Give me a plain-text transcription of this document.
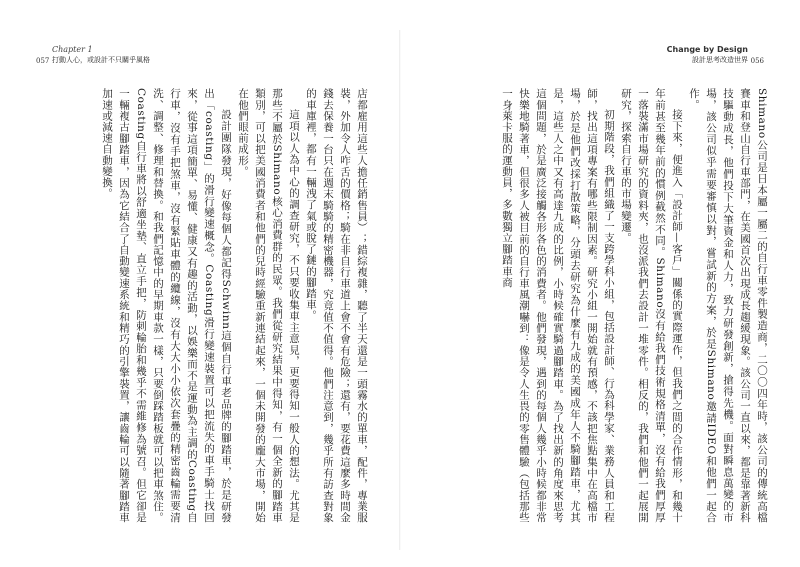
057
Chapter 1
打動人心，或設計不只關乎風格	056
Change by Design
設計思考改造世界

Shimano公司是日本屬一屬二的自行車零件製造商，二〇〇四年時，該公司的傳統高檔賽車和登山自行車部門，在美國首次出現成長趨緩現象。該公司一直以來，都是靠著新科技驅動成長，他們投下大筆資金和人力，致力研發創新，搶得先機。面對瞬息萬變的市場，該公司似乎需要審慎以對，嘗試新的方案，於是Shimano邀請IDEO和他們一起合作。

接下來，便進入「設計師—客戶」關係的實際運作，但我們之間的合作情形，和幾十年前甚至幾年前的慣例截然不同。Shimano沒有給我們技術規格清單，沒有給我們厚厚一落裝滿市場研究的資料夾，也沒派我們去設計一堆零件。相反的，我們和他們一起展開研究，探索自行車的市場變遷。

初期階段，我們組織了一支跨學科小組，包括設計師、行為科學家、業務人員和工程師，找出這項專案有哪些限制因素。研究小組一開始就有預感，不該把焦點集中在高檔市場，於是他們改採打散策略，分頭去研究為什麼有九成的美國成年人不騎腳踏車，尤其是，這些人之中又有高達九成的比例，小時候確實騎過腳踏車。為了找出新的角度來思考這個問題，於是廣泛接觸各形各色的消費者。他們發現，遇到的每個人幾乎小時候都非常快樂地騎著車，但很多人被目前的自行車風潮嚇到：像是令人生畏的零售體驗（包括那些一身萊卡服的運動員，多數獨立腳踏車商

店都雇用這些人擔任銷售員）；錯綜複雜，聽了半天還是一頭霧水的單車，配件，專業服裝，外加令人咋舌的價格；騎在非自行車道上會不會有危險；還有，要花費這麼多時間金錢去保養一台只在週末騎騎的精密機器，究竟值不值得。他們注意到，幾乎所有訪查對象的車庫裡，都有一輛洩了氣或脫了鏈的腳踏車。

這項以人為中心的調查研究，不只要收集車主意見，更要得知一般人的想法。尤其是那些不屬於Shimano核心消費群的民眾。我們從研究結果中得知，有一個全新的腳踏車類別，可以把美國消費者和他們的兒時經驗重新連結起來，一個未開發的龐大市場，開始在他們眼前成形。

設計團隊發現，好像每個人都記得Schwinn這個自行車老品牌的腳踏車，於是研發出「coasting」的滑行變速概念。Coasting滑行變速裝置可以把流失的車手騎士找回來，從事這項簡單、易懂、健康又有趣的活動，以娛樂而不是運動為主調的Coasting自行車，沒有手把煞車，沒有緊貼車體的纜線，沒有大大小小依次套疊的精密齒輪需要清洗、調整、修理和替換。和我們記憶中的早期車款一樣，只要倒踩踏板就可以把車煞住。Coasting自行車將以舒適坐墊、直立手把，防刺輪胎和幾乎不需維修為號召。但它卻是一輛複古腳踏車，因為它結合了自動變速系統和精巧的引擎裝置，讓齒輪可以隨著腳踏車加速或減速自動變換。
